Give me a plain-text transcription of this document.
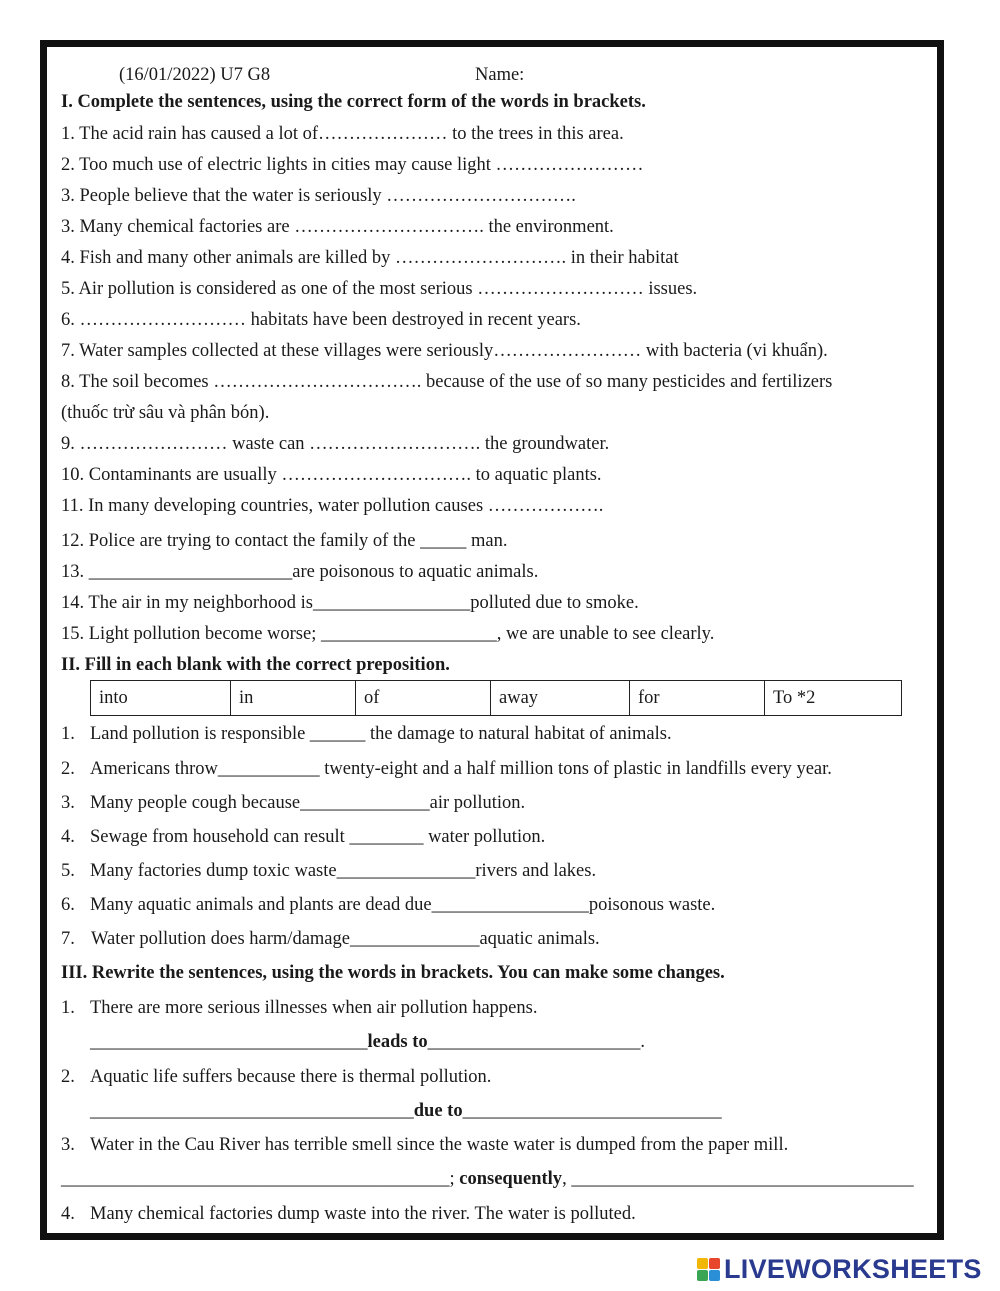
(16/01/2022) U7 G8	Name:
I. Complete the sentences, using the correct form of the words in brackets.
1. The acid rain has caused a lot of………………… to the trees in this area.
2. Too much use of electric lights in cities may cause light ……………………
3. People believe that the water is seriously ………………………….
3. Many chemical factories are …………………………. the environment.
4. Fish and many other animals are killed by ………………………. in their habitat
5. Air pollution is considered as one of the most serious ……………………… issues.
6. ……………………… habitats have been destroyed in recent years.
7. Water samples collected at these villages were seriously…………………… with bacteria (vi khuẩn).
8. The soil becomes ……………………………. because of the use of so many pesticides and fertilizers
(thuốc trừ sâu và phân bón).
9. …………………… waste can ………………………. the groundwater.
10. Contaminants are usually …………………………. to aquatic plants.
11. In many developing countries, water pollution causes ……………….
12. Police are trying to contact the family of the _____ man.
13. ______________________are poisonous to aquatic animals.
14. The air in my neighborhood is_________________polluted due to smoke.
15. Light pollution become worse; ___________________, we are unable to see clearly.
II. Fill in each blank with the correct preposition.
into	in	of	away	for	To *2
1. Land pollution is responsible ______ the damage to natural habitat of animals.
2. Americans throw___________ twenty-eight and a half million tons of plastic in landfills every year.
3. Many people cough because______________air pollution.
4. Sewage from household can result ________ water pollution.
5. Many factories dump toxic waste_______________rivers and lakes.
6. Many aquatic animals and plants are dead due_________________poisonous waste.
7. Water pollution does harm/damage______________aquatic animals.
III. Rewrite the sentences, using the words in brackets. You can make some changes.
1. There are more serious illnesses when air pollution happens.
______________________________leads to_______________________.
2. Aquatic life suffers because there is thermal pollution.
___________________________________due to____________________________
3. Water in the Cau River has terrible smell since the waste water is dumped from the paper mill.
__________________________________________; consequently, _____________________________________
4. Many chemical factories dump waste into the river. The water is polluted.
LIVEWORKSHEETS
